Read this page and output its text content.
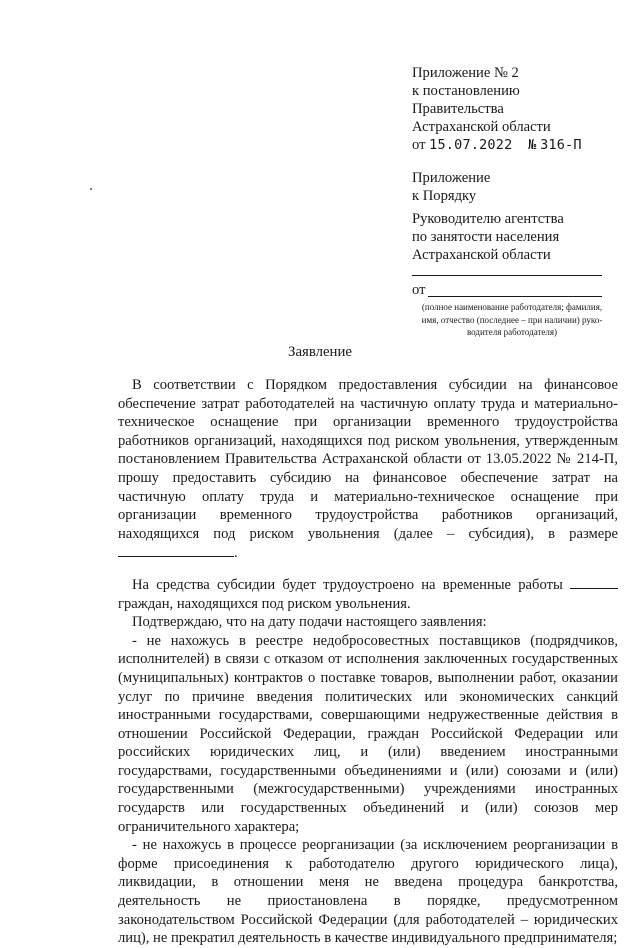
Приложение № 2
к постановлению
Правительства
Астраханской области
от 15.07.2022 № 316-П
Приложение
к Порядку
Руководителю агентства
по занятости населения
Астраханской области
от
(полное наименование работодателя; фамилия,
имя, отчество (последнее – при наличии) руко-
водителя работодателя)
Заявление

В соответствии с Порядком предоставления субсидии на финансовое обеспечение затрат работодателей на частичную оплату труда и материально-техническое оснащение при организации временного трудоустройства работников организаций, находящихся под риском увольнения, утвержденным постановлением Правительства Астраханской области от 13.05.2022 № 214-П, прошу предоставить субсидию на финансовое обеспечение затрат на частичную оплату труда и материально-техническое оснащение при организации временного трудоустройства работников организаций, находящихся под риском увольнения (далее – субсидия), в размере .

На средства субсидии будет трудоустроено на временные работы  граждан, находящихся под риском увольнения.

Подтверждаю, что на дату подачи настоящего заявления:

- не нахожусь в реестре недобросовестных поставщиков (подрядчиков, исполнителей) в связи с отказом от исполнения заключенных государственных (муниципальных) контрактов о поставке товаров, выполнении работ, оказании услуг по причине введения политических или экономических санкций иностранными государствами, совершающими недружественные действия в отношении Российской Федерации, граждан Российской Федерации или российских юридических лиц, и (или) введением иностранными государствами, государственными объединениями и (или) союзами и (или) государственными (межгосударственными) учреждениями иностранных государств или государственных объединений и (или) союзов мер ограничительного характера;

- не нахожусь в процессе реорганизации (за исключением реорганизации в форме присоединения к работодателю другого юридического лица), ликвидации, в отношении меня не введена процедура банкротства, деятельность не приостановлена в порядке, предусмотренном законодательством Российской Федерации (для работодателей – юридических лиц), не прекратил деятельность в качестве индивидуального предпринимателя;
